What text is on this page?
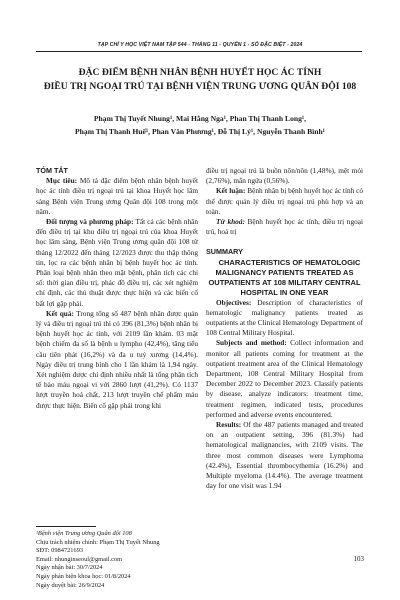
TẠP CHÍ Y HỌC VIỆT NAM TẬP 544 - THÁNG 11 - QUYỂN 1 - SỐ ĐẶC BIỆT - 2024
ĐẶC ĐIỂM BỆNH NHÂN BỆNH HUYẾT HỌC ÁC TÍNH
ĐIỀU TRỊ NGOẠI TRÚ TẠI BỆNH VIỆN TRUNG ƯƠNG QUÂN ĐỘI 108
Phạm Thị Tuyết Nhung¹, Mai Hằng Nga¹, Phan Thị Thanh Long¹,
Phạm Thị Thanh Huế¹, Phan Văn Phương¹, Đỗ Thị Lý¹, Nguyễn Thanh Bình¹

TÓM TẮT

Mục tiêu: Mô tả đặc điểm bệnh nhân bệnh huyết học ác tính điều trị ngoại trú tại khoa Huyết học lâm sàng Bệnh viện Trung ương Quân đội 108 trong một năm.

Đối tượng và phương pháp: Tất cả các bệnh nhân đến điều trị tại khu điều trị ngoại trú của khoa Huyết học lâm sàng, Bệnh viện Trung ương quân đội 108 từ tháng 12/2022 đến tháng 12/2023 được thu thập thông tin, lọc ra các bệnh nhân bị bệnh huyết học ác tính. Phân loại bệnh nhân theo mặt bệnh, phân tích các chỉ số: thời gian điều trị, phác đồ điều trị, các xét nghiệm chỉ định, các thủ thuật được thực hiện và các biến cố bất lợi gặp phải.

Kết quả: Trong tổng số 487 bệnh nhân được quản lý và điều trị ngoại trú thì có 396 (81,3%) bệnh nhân bị bệnh huyết học ác tính, với 2109 lần khám. 03 mặt bệnh chiếm đa số là bệnh u lympho (42,4%), tăng tiểu cầu tiên phát (16,2%) và đa u tuỷ xương (14,4%). Ngày điều trị trung bình cho 1 lần khám là 1,94 ngày. Xét nghiệm được chỉ định nhiều nhất là tổng phân tích tế bào máu ngoại vi với 2860 lượt (41,2%). Có 1137 lượt truyền hoá chất, 213 lượt truyền chế phẩm máu được thực hiện. Biến cố gặp phải trong khi

điều trị ngoại trú là buồn nôn/nôn (1,48%), mệt mỏi (2,76%), mẩn ngứa (0,56%).

Kết luận: Bệnh nhân bị bệnh huyết học ác tính có thể được quản lý điều trị ngoại trú phù hợp và an toàn.

Từ khoá: Bệnh huyết học ác tính, điều trị ngoại trú, hoá trị

SUMMARY

CHARACTERISTICS OF HEMATOLOGIC MALIGNANCY PATIENTS TREATED AS OUTPATIENTS AT 108 MILITARY CENTRAL HOSPITAL IN ONE YEAR

Objectives: Description of characteristics of hematologic malignancy patients treated as outpatients at the Clinical Hematology Department of 108 Central Military Hospital.

Subjects and method: Collect information and monitor all patients coming for treatment at the outpatient treatment area of the Clinical Hematology Department, 108 Central Military Hospital from December 2022 to December 2023. Classify patients by disease, analyze indicators: treatment time, treatment regimen, indicated tests, procedures performed and adverse events encountered.

Results: Of the 487 patients managed and treated on an outpatient setting, 396 (81.3%) had hematological malignancies, with 2109 visits. The three most common diseases were Lymphoma (42.4%), Essential thrombocythemia (16.2%) and Multiple myeloma (14.4%). The average treatment day for one visit was 1.94

¹Bệnh viện Trung ương Quân đội 108
Chịu trách nhiệm chính: Phạm Thị Tuyết Nhung
SĐT: 0984721693
Email: nhunginseoul@gmail.com
Ngày nhận bài: 30/7/2024
Ngày phản biện khoa học: 01/8/2024
Ngày duyệt bài: 26/9/2024
103
